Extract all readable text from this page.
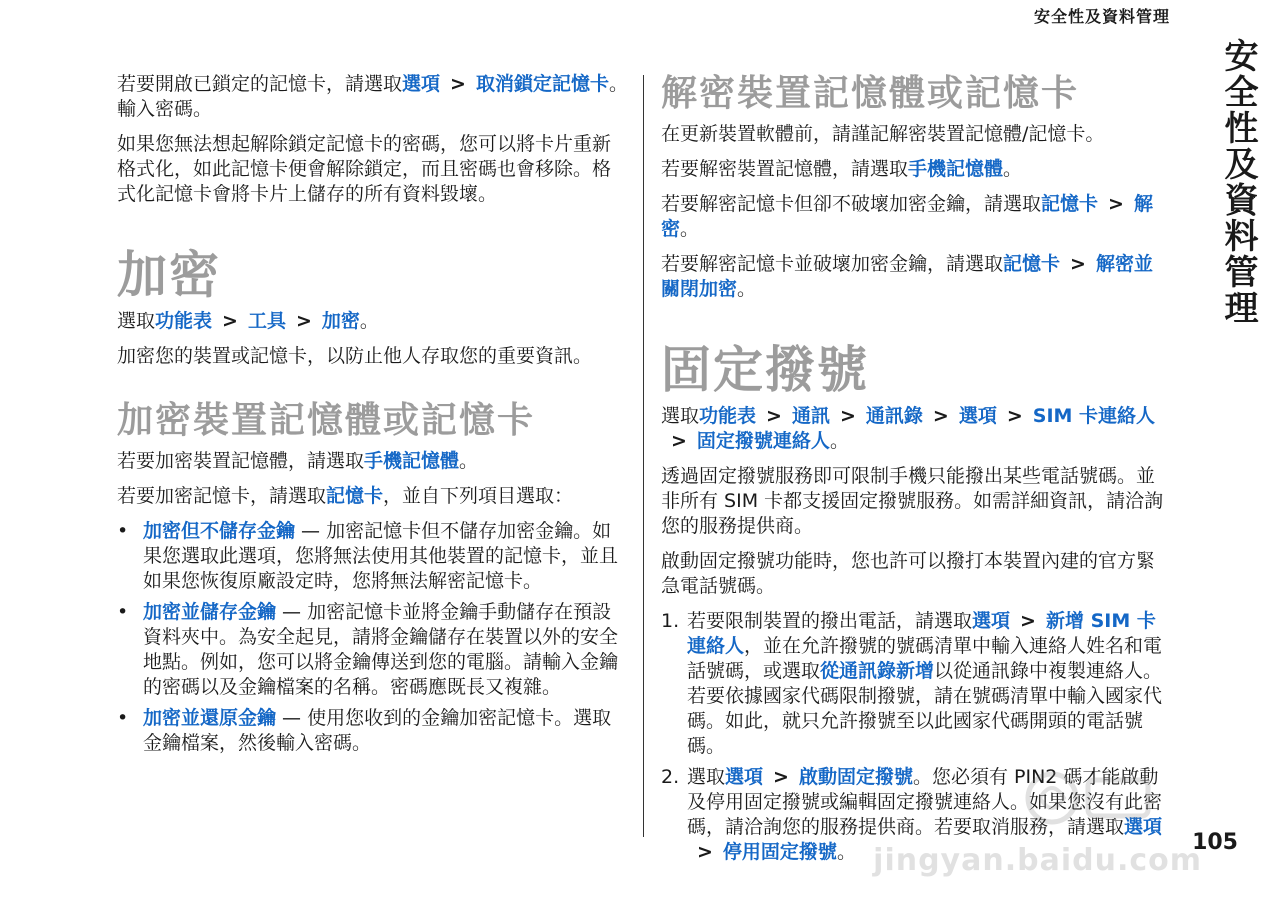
安全性及資料管理
安全性及資料管理

若要開啟已鎖定的記憶卡，請選取選項 > 取消鎖定記憶卡。輸入密碼。

如果您無法想起解除鎖定記憶卡的密碼，您可以將卡片重新格式化，如此記憶卡便會解除鎖定，而且密碼也會移除。格式化記憶卡會將卡片上儲存的所有資料毀壞。

加密

選取功能表 > 工具 > 加密。

加密您的裝置或記憶卡，以防止他人存取您的重要資訊。

加密裝置記憶體或記憶卡

若要加密裝置記憶體，請選取手機記憶體。

若要加密記憶卡，請選取記憶卡，並自下列項目選取：

• 加密但不儲存金鑰 — 加密記憶卡但不儲存加密金鑰。如果您選取此選項，您將無法使用其他裝置的記憶卡，並且如果您恢復原廠設定時，您將無法解密記憶卡。
• 加密並儲存金鑰 — 加密記憶卡並將金鑰手動儲存在預設資料夾中。為安全起見，請將金鑰儲存在裝置以外的安全地點。例如，您可以將金鑰傳送到您的電腦。請輸入金鑰的密碼以及金鑰檔案的名稱。密碼應既長又複雜。
• 加密並還原金鑰 — 使用您收到的金鑰加密記憶卡。選取金鑰檔案，然後輸入密碼。
解密裝置記憶體或記憶卡

在更新裝置軟體前，請謹記解密裝置記憶體/記憶卡。

若要解密裝置記憶體，請選取手機記憶體。

若要解密記憶卡但卻不破壞加密金鑰，請選取記憶卡 > 解密。

若要解密記憶卡並破壞加密金鑰，請選取記憶卡 > 解密並關閉加密。

固定撥號

選取功能表 > 通訊 > 通訊錄 > 選項 > SIM 卡連絡人> 固定撥號連絡人。

透過固定撥號服務即可限制手機只能撥出某些電話號碼。並非所有 SIM 卡都支援固定撥號服務。如需詳細資訊，請洽詢您的服務提供商。

啟動固定撥號功能時，您也許可以撥打本裝置內建的官方緊急電話號碼。

1. 若要限制裝置的撥出電話，請選取選項 > 新增 SIM 卡連絡人，並在允許撥號的號碼清單中輸入連絡人姓名和電話號碼，或選取從通訊錄新增以從通訊錄中複製連絡人。若要依據國家代碼限制撥號，請在號碼清單中輸入國家代碼。如此，就只允許撥號至以此國家代碼開頭的電話號碼。
2. 選取選項 > 啟動固定撥號。您必須有 PIN2 碼才能啟動及停用固定撥號或編輯固定撥號連絡人。如果您沒有此密碼，請洽詢您的服務提供商。若要取消服務，請選取選項> 停用固定撥號。 jingyan.baidu.com
105
